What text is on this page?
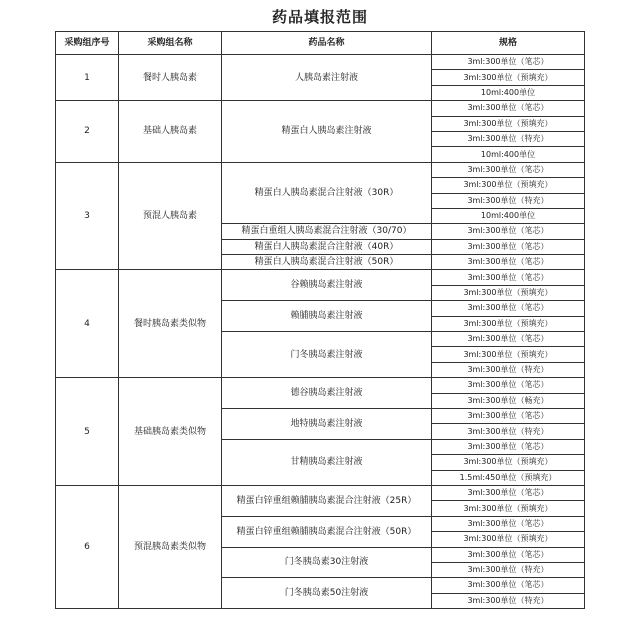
药品填报范围
采购组序号	采购组名称	药品名称	规格
1	餐时人胰岛素	人胰岛素注射液	3ml:300单位（笔芯）
			3ml:300单位（预填充）
			10ml:400单位
2	基础人胰岛素	精蛋白人胰岛素注射液	3ml:300单位（笔芯）
			3ml:300单位（预填充）
			3ml:300单位（特充）
			10ml:400单位
3	预混人胰岛素	精蛋白人胰岛素混合注射液（30R）	3ml:300单位（笔芯）
			3ml:300单位（预填充）
			3ml:300单位（特充）
			10ml:400单位
		精蛋白重组人胰岛素混合注射液（30/70）	3ml:300单位（笔芯）
		精蛋白人胰岛素混合注射液（40R）	3ml:300单位（笔芯）
		精蛋白人胰岛素混合注射液（50R）	3ml:300单位（笔芯）
4	餐时胰岛素类似物	谷赖胰岛素注射液	3ml:300单位（笔芯）
			3ml:300单位（预填充）
		赖脯胰岛素注射液	3ml:300单位（笔芯）
			3ml:300单位（预填充）
		门冬胰岛素注射液	3ml:300单位（笔芯）
			3ml:300单位（预填充）
			3ml:300单位（特充）
5	基础胰岛素类似物	德谷胰岛素注射液	3ml:300单位（笔芯）
			3ml:300单位（畅充）
		地特胰岛素注射液	3ml:300单位（笔芯）
			3ml:300单位（特充）
		甘精胰岛素注射液	3ml:300单位（笔芯）
			3ml:300单位（预填充）
			1.5ml:450单位（预填充）
6	预混胰岛素类似物	精蛋白锌重组赖脯胰岛素混合注射液（25R）	3ml:300单位（笔芯）
			3ml:300单位（预填充）
		精蛋白锌重组赖脯胰岛素混合注射液（50R）	3ml:300单位（笔芯）
			3ml:300单位（预填充）
		门冬胰岛素30注射液	3ml:300单位（笔芯）
			3ml:300单位（特充）
		门冬胰岛素50注射液	3ml:300单位（笔芯）
			3ml:300单位（特充）
